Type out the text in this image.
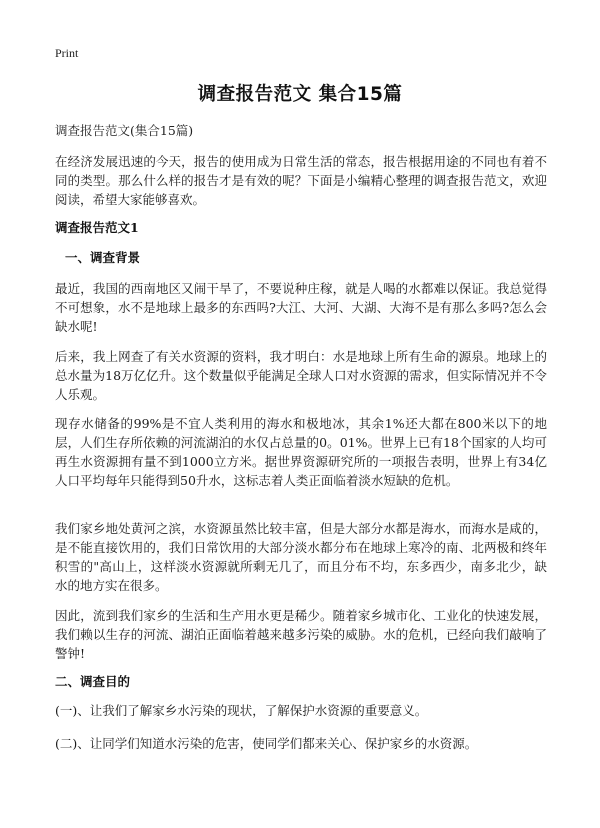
Print
调查报告范文 集合15篇

调查报告范文(集合15篇)

在经济发展迅速的今天，报告的使用成为日常生活的常态，报告根据用途的不同也有着不同的类型。那么什么样的报告才是有效的呢？下面是小编精心整理的调查报告范文，欢迎阅读，希望大家能够喜欢。

调查报告范文1

一、调查背景

最近，我国的西南地区又闹干旱了，不要说种庄稼，就是人喝的水都难以保证。我总觉得不可想象，水不是地球上最多的东西吗?大江、大河、大湖、大海不是有那么多吗?怎么会缺水呢!

后来，我上网查了有关水资源的资料，我才明白：水是地球上所有生命的源泉。地球上的总水量为18万亿亿升。这个数量似乎能满足全球人口对水资源的需求，但实际情况并不令人乐观。

现存水储备的99%是不宜人类利用的海水和极地冰，其余1%还大都在800米以下的地层，人们生存所依赖的河流湖泊的水仅占总量的0。01%。世界上已有18个国家的人均可再生水资源拥有量不到1000立方米。据世界资源研究所的一项报告表明，世界上有34亿人口平均每年只能得到50升水，这标志着人类正面临着淡水短缺的危机。

我们家乡地处黄河之滨，水资源虽然比较丰富，但是大部分水都是海水，而海水是咸的，是不能直接饮用的，我们日常饮用的大部分淡水都分布在地球上寒冷的南、北两极和终年积雪的"高山上，这样淡水资源就所剩无几了，而且分布不均，东多西少，南多北少，缺水的地方实在很多。

因此，流到我们家乡的生活和生产用水更是稀少。随着家乡城市化、工业化的快速发展，我们赖以生存的河流、湖泊正面临着越来越多污染的威胁。水的危机，已经向我们敲响了警钟!

二、调查目的

(一)、让我们了解家乡水污染的现状，了解保护水资源的重要意义。

(二)、让同学们知道水污染的危害，使同学们都来关心、保护家乡的水资源。
